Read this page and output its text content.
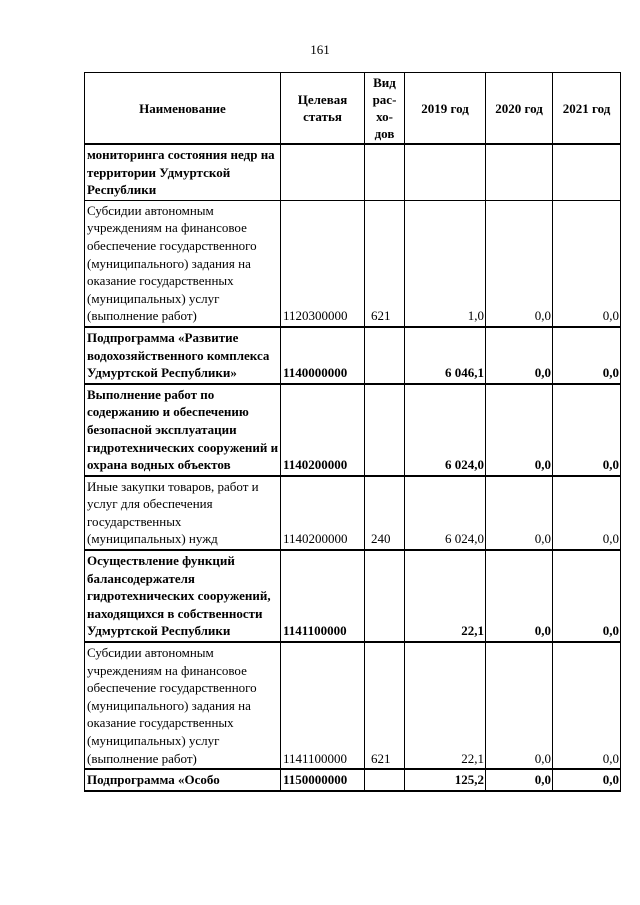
161
Наименование	Целевая статья	Вид рас-хо-дов	2019 год	2020 год	2021 год
мониторинга состояния недр на территории Удмуртской Республики					
Субсидии автономным учреждениям на финансовое обеспечение государственного (муниципального) задания на оказание государственных (муниципальных) услуг (выполнение работ)	1120300000	621	1,0	0,0	0,0
Подпрограмма «Развитие водохозяйственного комплекса Удмуртской Республики»	1140000000		6 046,1	0,0	0,0
Выполнение работ по содержанию и обеспечению безопасной эксплуатации гидротехнических сооружений и охрана водных объектов	1140200000		6 024,0	0,0	0,0
Иные закупки товаров, работ и услуг для обеспечения государственных (муниципальных) нужд	1140200000	240	6 024,0	0,0	0,0
Осуществление функций балансодержателя гидротехнических сооружений, находящихся в собственности Удмуртской Республики	1141100000		22,1	0,0	0,0
Субсидии автономным учреждениям на финансовое обеспечение государственного (муниципального) задания на оказание государственных (муниципальных) услуг (выполнение работ)	1141100000	621	22,1	0,0	0,0
Подпрограмма «Особо	1150000000		125,2	0,0	0,0
